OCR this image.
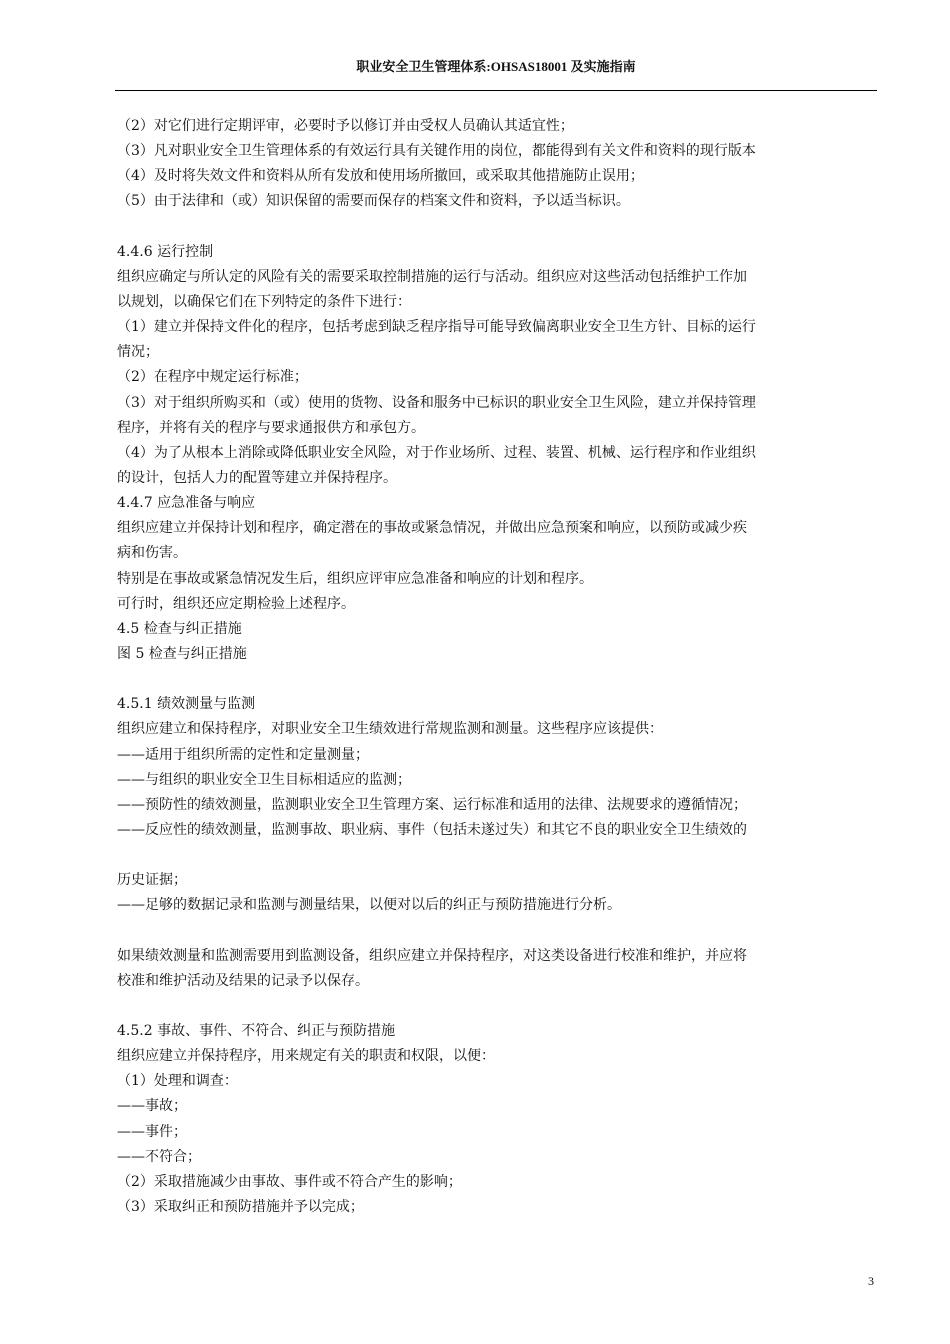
职业安全卫生管理体系:OHSAS18001 及实施指南
（2）对它们进行定期评审，必要时予以修订并由受权人员确认其适宜性；
（3）凡对职业安全卫生管理体系的有效运行具有关键作用的岗位，都能得到有关文件和资料的现行版本
（4）及时将失效文件和资料从所有发放和使用场所撤回，或采取其他措施防止误用；
（5）由于法律和（或）知识保留的需要而保存的档案文件和资料，予以适当标识。
4.4.6 运行控制
组织应确定与所认定的风险有关的需要采取控制措施的运行与活动。组织应对这些活动包括维护工作加
以规划，以确保它们在下列特定的条件下进行：
（1）建立并保持文件化的程序，包括考虑到缺乏程序指导可能导致偏离职业安全卫生方针、目标的运行
情况；
（2）在程序中规定运行标准；
（3）对于组织所购买和（或）使用的货物、设备和服务中已标识的职业安全卫生风险，建立并保持管理
程序，并将有关的程序与要求通报供方和承包方。
（4）为了从根本上消除或降低职业安全风险，对于作业场所、过程、装置、机械、运行程序和作业组织
的设计，包括人力的配置等建立并保持程序。
4.4.7 应急准备与响应
组织应建立并保持计划和程序，确定潜在的事故或紧急情况，并做出应急预案和响应，以预防或减少疾
病和伤害。
特别是在事故或紧急情况发生后，组织应评审应急准备和响应的计划和程序。
可行时，组织还应定期检验上述程序。
4.5 检查与纠正措施
图 5 检查与纠正措施
4.5.1 绩效测量与监测
组织应建立和保持程序，对职业安全卫生绩效进行常规监测和测量。这些程序应该提供：
——适用于组织所需的定性和定量测量；
——与组织的职业安全卫生目标相适应的监测；
——预防性的绩效测量，监测职业安全卫生管理方案、运行标准和适用的法律、法规要求的遵循情况；
——反应性的绩效测量，监测事故、职业病、事件（包括未遂过失）和其它不良的职业安全卫生绩效的
历史证据；
——足够的数据记录和监测与测量结果，以便对以后的纠正与预防措施进行分析。
如果绩效测量和监测需要用到监测设备，组织应建立并保持程序，对这类设备进行校准和维护，并应将
校准和维护活动及结果的记录予以保存。
4.5.2 事故、事件、不符合、纠正与预防措施
组织应建立并保持程序，用来规定有关的职责和权限，以便：
（1）处理和调查：
——事故；
——事件；
——不符合；
（2）采取措施减少由事故、事件或不符合产生的影响；
（3）采取纠正和预防措施并予以完成；
3
